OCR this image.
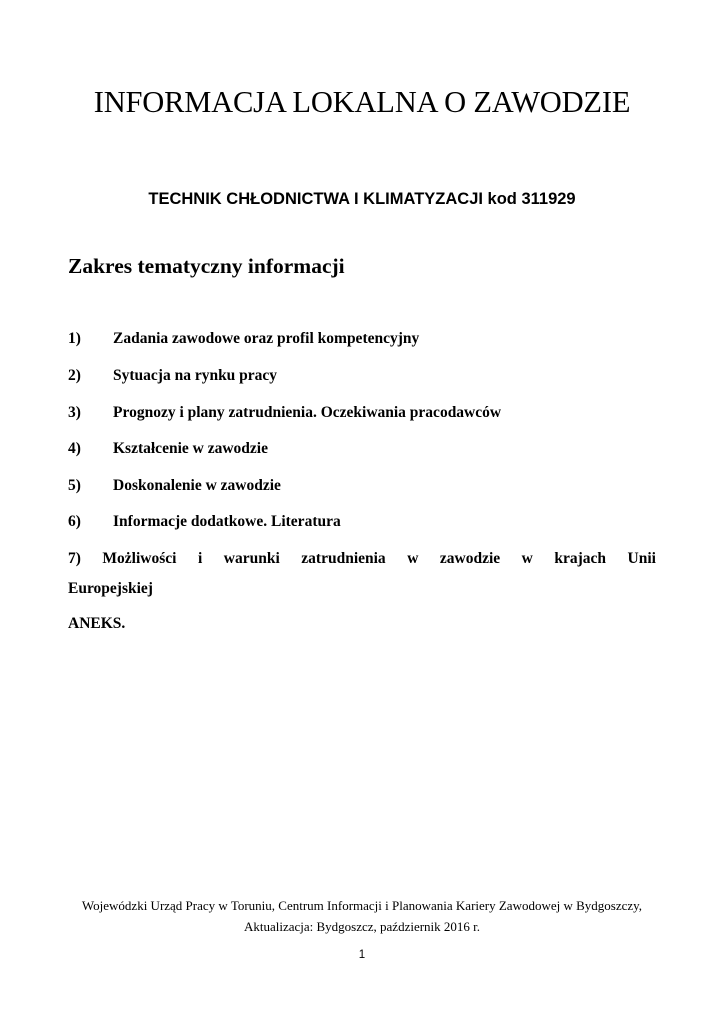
INFORMACJA LOKALNA O ZAWODZIE
TECHNIK CHŁODNICTWA I KLIMATYZACJI kod 311929
Zakres tematyczny informacji
1) Zadania zawodowe oraz profil kompetencyjny
2) Sytuacja na rynku pracy
3) Prognozy i plany zatrudnienia. Oczekiwania pracodawców
4) Kształcenie w zawodzie
5) Doskonalenie w zawodzie
6) Informacje dodatkowe. Literatura
7) Możliwości i warunki zatrudnienia w zawodzie w krajach Unii
Europejskiej
ANEKS.
Wojewódzki Urząd Pracy w Toruniu, Centrum Informacji i Planowania Kariery Zawodowej w Bydgoszczy,
Aktualizacja: Bydgoszcz, październik 2016 r.
1
